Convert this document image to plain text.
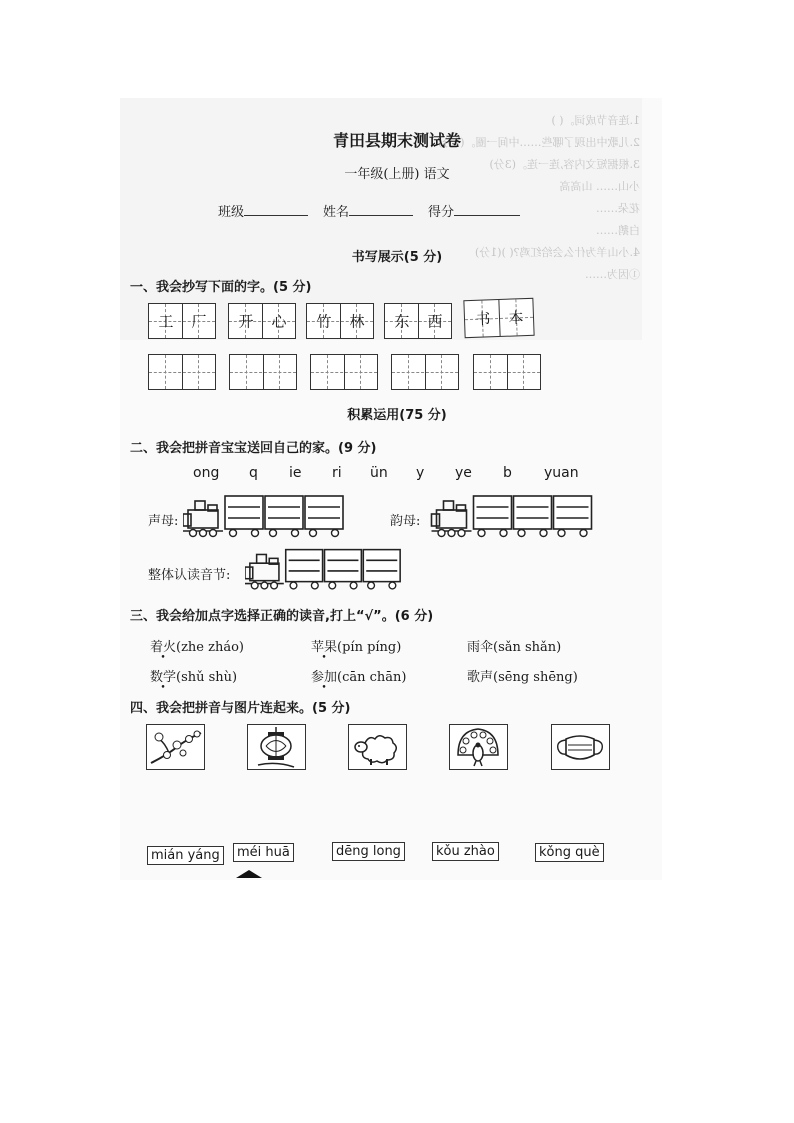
1.连音节成词。( )
2.儿歌中出现了哪些……中间一圈。(1分)
3.根据短文内容,连一连。(3分)
小山…… 山高高
花朵……
白鹅……
4.小山羊为什么会给红鸡?( )(1分)
①因为……
青田县期末测试卷
一年级(上册) 语文
班级	姓名	得分
书写展示(5 分)
一、我会抄写下面的字。(5 分)
工 厂 开 心 竹 林 东 西 书 本
积累运用(75 分)
二、我会把拼音宝宝送回自己的家。(9 分)
ong q ie ri ün y ye b yuan
声母:	韵母:
整体认读音节:
三、我会给加点字选择正确的读音,打上“√”。(6 分)
着火(zhe zháo)	苹果(pín píng)	雨伞(sǎn shǎn)
数学(shǔ shù)	参加(cān chān)	歌声(sēng shēng)
四、我会把拼音与图片连起来。(5 分)
mián yáng	méi huā	dēng long	kǒu zhào	kǒng què
